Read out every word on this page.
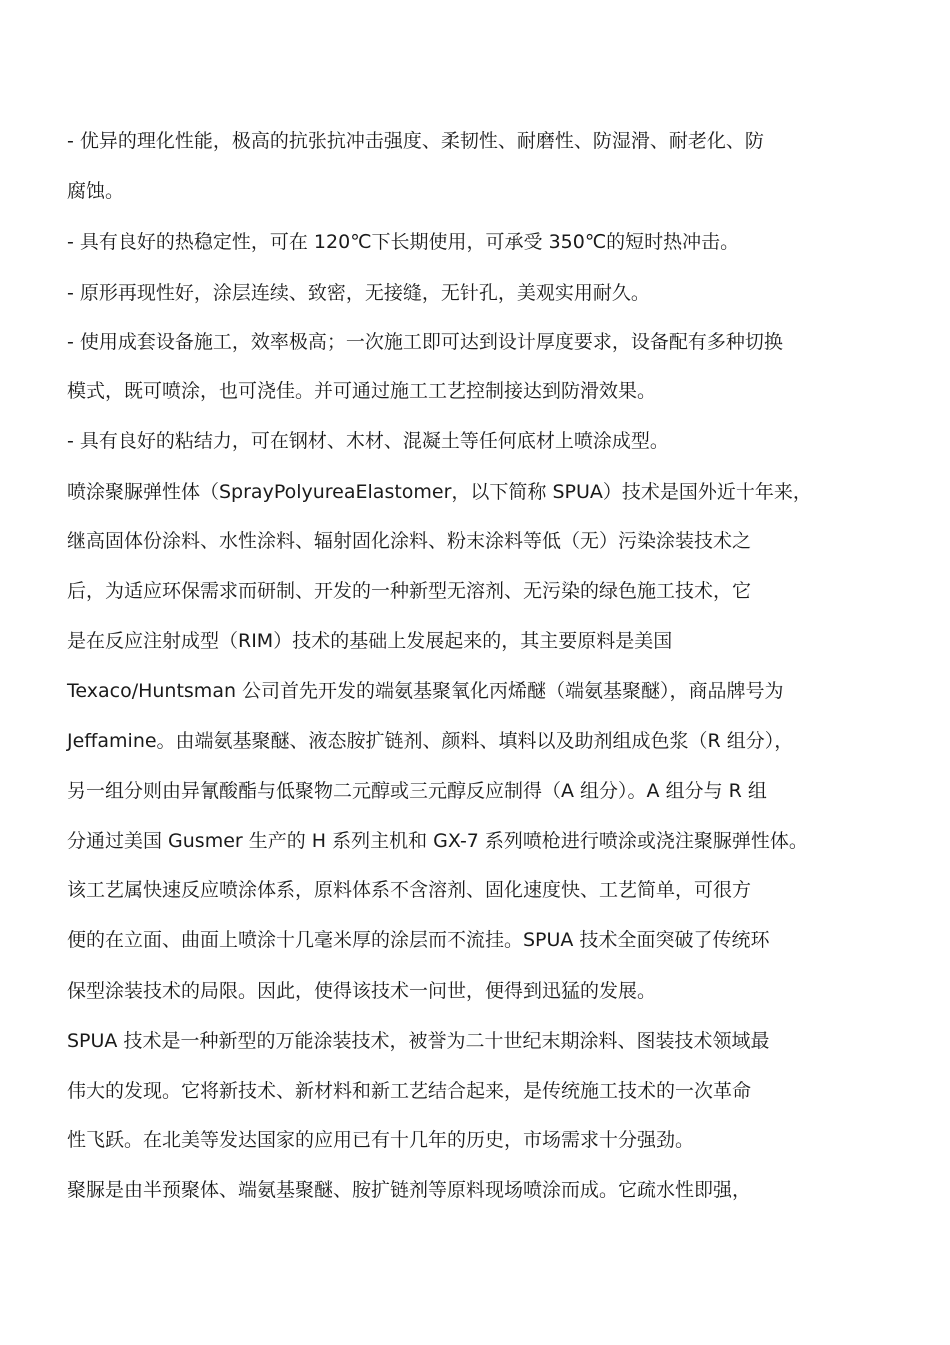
- 优异的理化性能，极高的抗张抗冲击强度、柔韧性、耐磨性、防湿滑、耐老化、防

腐蚀。

- 具有良好的热稳定性，可在 120℃下长期使用，可承受 350℃的短时热冲击。

- 原形再现性好，涂层连续、致密，无接缝，无针孔，美观实用耐久。

- 使用成套设备施工，效率极高；一次施工即可达到设计厚度要求，设备配有多种切换

模式，既可喷涂，也可浇佳。并可通过施工工艺控制接达到防滑效果。

- 具有良好的粘结力，可在钢材、木材、混凝土等任何底材上喷涂成型。

喷涂聚脲弹性体（SprayPolyureaElastomer，以下简称 SPUA）技术是国外近十年来，

继高固体份涂料、水性涂料、辐射固化涂料、粉末涂料等低（无）污染涂装技术之

后，为适应环保需求而研制、开发的一种新型无溶剂、无污染的绿色施工技术，它

是在反应注射成型（RIM）技术的基础上发展起来的，其主要原料是美国

Texaco/Huntsman 公司首先开发的端氨基聚氧化丙烯醚（端氨基聚醚），商品牌号为

Jeffamine。由端氨基聚醚、液态胺扩链剂、颜料、填料以及助剂组成色浆（R 组分），

另一组分则由异氰酸酯与低聚物二元醇或三元醇反应制得（A 组分）。A 组分与 R 组

分通过美国 Gusmer 生产的 H 系列主机和 GX-7 系列喷枪进行喷涂或浇注聚脲弹性体。

该工艺属快速反应喷涂体系，原料体系不含溶剂、固化速度快、工艺简单，可很方

便的在立面、曲面上喷涂十几毫米厚的涂层而不流挂。SPUA 技术全面突破了传统环

保型涂装技术的局限。因此，使得该技术一问世，便得到迅猛的发展。

SPUA 技术是一种新型的万能涂装技术，被誉为二十世纪末期涂料、图装技术领域最

伟大的发现。它将新技术、新材料和新工艺结合起来，是传统施工技术的一次革命

性飞跃。在北美等发达国家的应用已有十几年的历史，市场需求十分强劲。

聚脲是由半预聚体、端氨基聚醚、胺扩链剂等原料现场喷涂而成。它疏水性即强，
